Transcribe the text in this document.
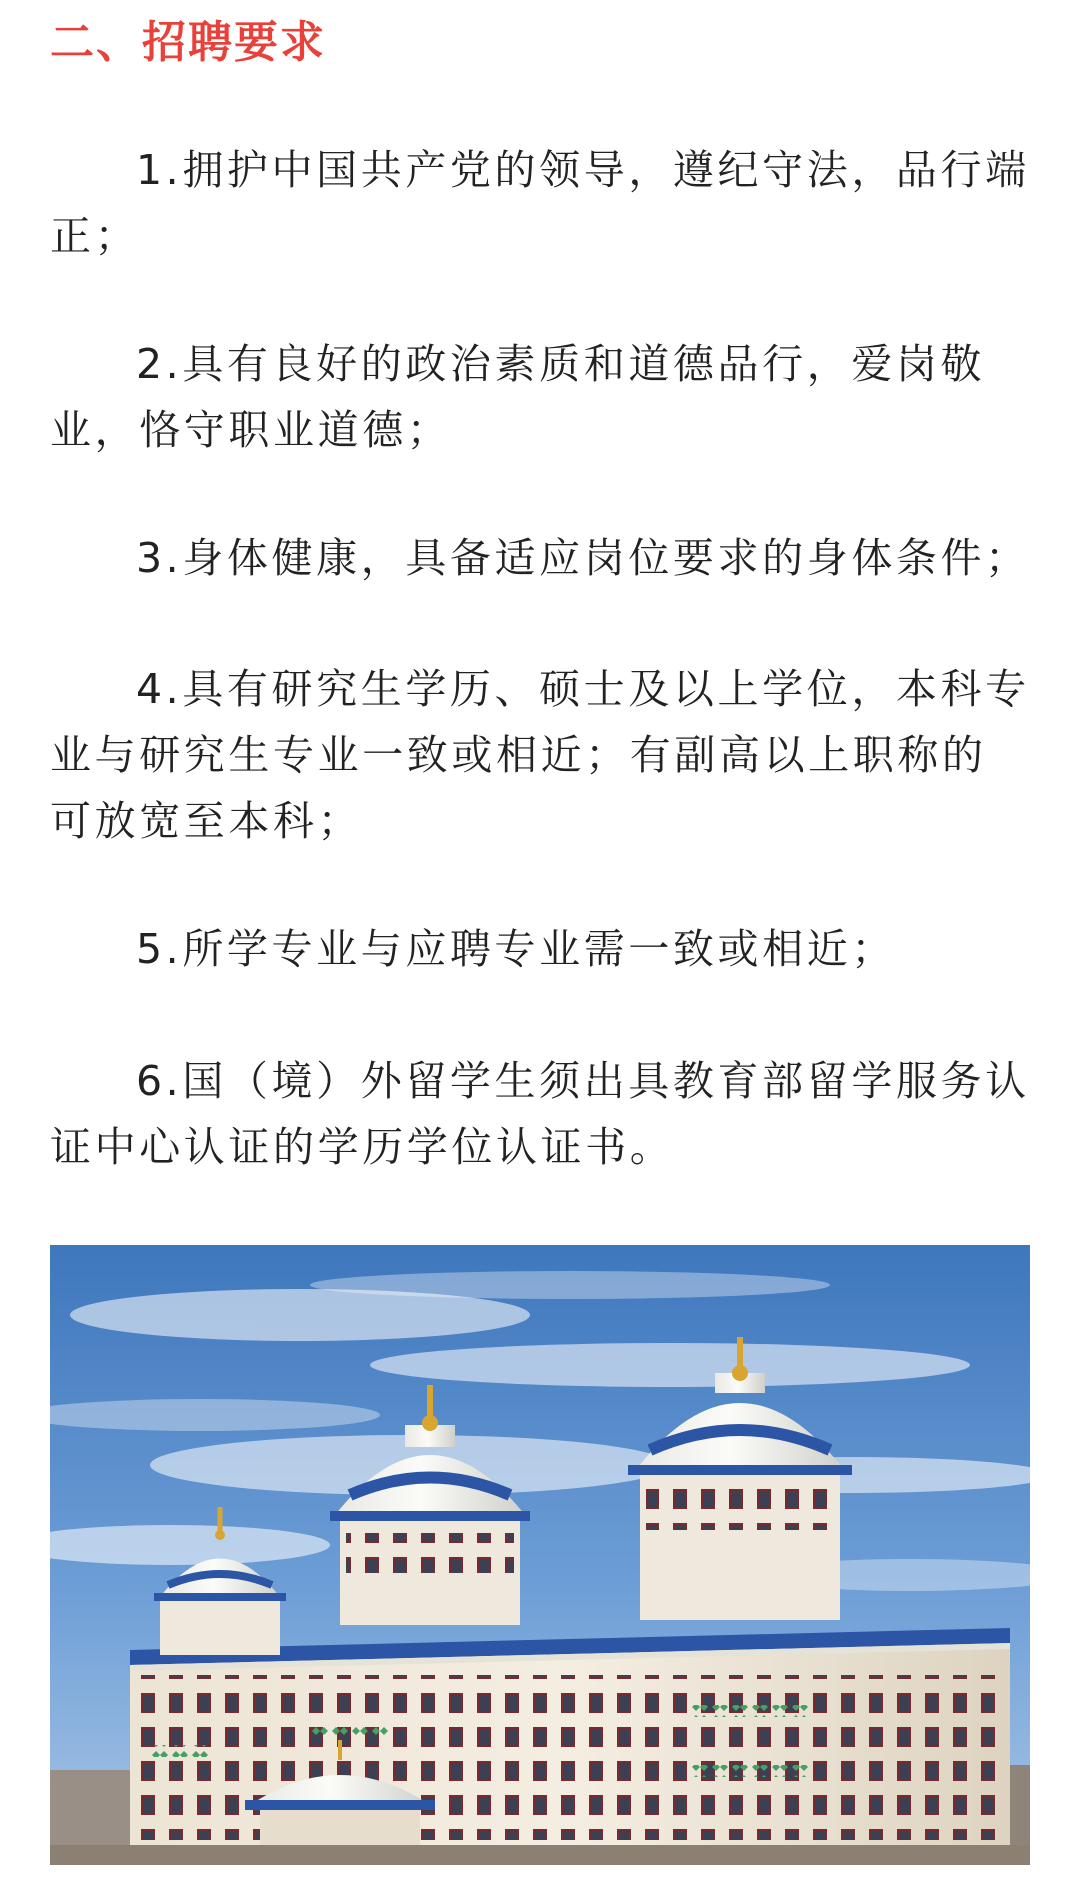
二、招聘要求

1.拥护中国共产党的领导，遵纪守法，品行端正；

2.具有良好的政治素质和道德品行，爱岗敬业，恪守职业道德；

3.身体健康，具备适应岗位要求的身体条件；

4.具有研究生学历、硕士及以上学位，本科专业与研究生专业一致或相近；有副高以上职称的可放宽至本科；

5.所学专业与应聘专业需一致或相近；

6.国（境）外留学生须出具教育部留学服务认证中心认证的学历学位认证书。
